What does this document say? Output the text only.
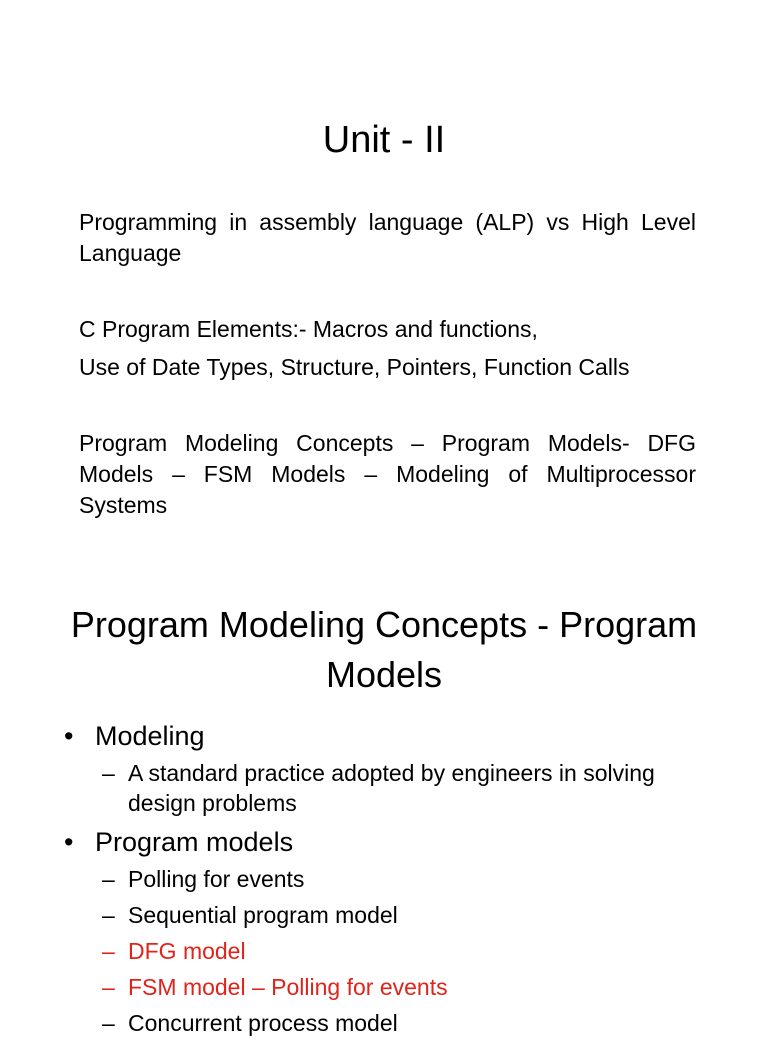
Unit - II
Programming in assembly language (ALP) vs High Level Language
C Program Elements:- Macros and functions,
Use of Date Types, Structure, Pointers, Function Calls
Program Modeling Concepts – Program Models- DFG Models – FSM Models – Modeling of Multiprocessor Systems
Program Modeling Concepts - Program Models
• Modeling
– A standard practice adopted by engineers in solving design problems
• Program models
– Polling for events
– Sequential program model
– DFG model
– FSM model – Polling for events
– Concurrent process model
